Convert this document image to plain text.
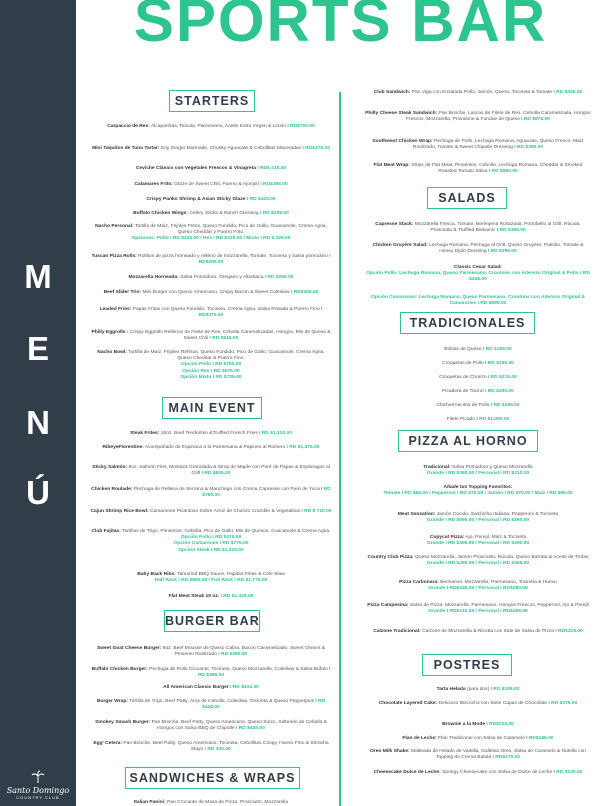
M
E
N
Ú
Santo Domingo
COUNTRY CLUB
SPORTS BAR
STARTERS
MAIN EVENT
BURGER BAR
SANDWICHES & WRAPS
SALADS
TRADICIONALES
PIZZA AL HORNO
POSTRES
Carpaccio de Res: Alcaparritas, Rúcula, Parmesano, Aceite Extra Virgen & Limón I RD$700.00
Mini Taquitos de Tuna Tartar: Soy Ginger Marinade, Chunky Aguacate & Cebollitas Maceradas I RD$375.00
Ceviche Clásico con Vegetales Frescos & Vinagreta I RD$ 415.00
Calamares Frito: Glaze de Sweet Chili, Puerro & Ajonjolí I RD$295.00
Crispy Panko Shrimp & Asian Sticky Glaze I RD $425.00
Buffalo Chicken Wings: Celery Sticks & Ranch Dressing I RD $295.00
Nacho Personal: Tortilla de Maíz, Frijoles Fritos, Queso Fundido, Pico de Gallo, Guacamole, Crema Agria, Queso Cheddar y Puerro Frito.
Opciones: Pollo I RD $325.00 / Res I RD $325.00 / Mixto I RD $ 325.00
Tuscan Pizza Rolls: Rollitos de pizza horneado y relleno de mozzarella, Tomate, Tocineta y Salsa pomodoro I RD$295.00
Mozzarella Horneada: Salsa Pomodoro, Orégano y Albahaca I RD $260.00
Beef Slider Trio: Mini Burger con Queso Americano, Crispy Bacon & Sweet Coleslaw I RD$365.00
Leaded Fries: Papas Fritas con Queso Fundido, Tocineta, Crema Agria, Salsa Rosada & Puerro Fino I RD$375.00
Philly Eggrolls : Crispy Eggrolls Rellenos de Filete de Res, Cebolla Caramelizadas, Hongos, Mix de Queso & Sweet Chili I RD $515.00
Nacho Bowl: Tortilla de Maíz, Frijoles Refritos, Queso Fundido, Pico de Gallo, Guacamole, Crema Agria, Queso Cheddar & Puerro Fino.
Opción Pollo I RD $750.00
Opción Res I RD $675.00
Opción Mixto I RD $725.00
Steak Frites: 10oz. Beef Tenderloin &Truffled French Fries I RD $1,120.00
RibeyeFlorentine: Acompañado de Espinaca a la Parmesana & Papines al Romero I RD $1,375.00
Sticky Salmón: 8oz. Salmón Filet, Mostaza Granulada & Sirop de Maple con Puré de Papas & Espárragos al Grill I RD $825.00
Chicken Roulade: Pechuga de Rellena de Serrano & Manchego con Crema Capresse con Puré de Yuca I RD $760.00
Cajun Shrimp Rice Bowl: Camarones Picantoso Sobre Arroz de Chorizo Crumble & Vegetalitos I RD $ 710.00
Club Fajitas: Tortillas de Trigo, Pimientos, Cebolla, Pico de Gallo, Mix de Quesos, Guacamole & Crema Agria.
Opción Pollo I RD $475.00
Opción Camarones I RD $775.00
Opción Steak I RD $1,320.00
Baby Back Ribs: Tamarind BBQ Sauce, Papitas Fritas & Cole Slaw
Half Rack I RD $850.00 / Full Rack I RD $1,775.00
Flat Meat Steak 10 oz. I RD $1,325.00
Sweet Goat Cheese Burger: 8oz. Beef Mousse de Queso Cabra, Bacon Caramelizado, Sweet Onions & Pimiento Rostizado I RD $490.00
Buffalo Chicken Burger: Pechuga de Pollo Crocante, Tocineta, Queso Mozzarella, Coleslaw & Salsa Búfalo I RD $395.00
All American Classic Burger I RD $415.00
Burger Wrap: Tortilla de Trigo, Beef Patty, Aros de Cebolla, Coleslaw, Tocineta & Queso Pepperjack I RD $420.00
Smokey Smash Burger: Pan Brioche, Beef Patty, Queso Americano, Queso Suizo, Salteado de Cebolla & Hongos con Salsa BBQ de Chipotle I RD $425.00
Egg' Cetera: Pan Brioche, Beef Patty, Queso Americano, Tocineta, Cebollitas Crispy, Huevo Frito & Sriracha Mayo I RD 340.00
Italian Panini: Pan Crocante de Masa de Pizza, Prosciutto, Mozzarella
Club Sandwich: Pan Viga con Ensalada Pollo, Jamón, Queso, Tocineta & Tomate I RD $345.00
Philly Cheese Steak Sandwich: Pan Brioche, Lascas de Filete de Res, Cebolla Caramelizada, Hongos Frescos, Mozzarella, Provolone & Fondue de Queso I RD $875.00
Southwest Chicken Wrap: Pechuga de Pollo, Lechuga Romana, Aguacate, Queso Fresco, Maíz Rostizado, Tomate & Sweet Chipotle Dressing I RD $395.00
Flat Meat Wrap: Strips de Flat Meat, Pimientos, Cebolla, Lechuga Romana, Cheddar & Smoked Roasted Tomato Salsa I RD $650.00
Capresse Stack: Mozzarella Fresca, Tomate, Berenjena Rostizada, Portobello al Grill, Rúcula, Prosciutto & Truffled Balsamic I RD $395.00
Chicken Gruyère Salad: Lechuga Romana, Pechuga al Grill, Queso Gruyère, Palmito, Tomate & Honey Dijón Dressing I RD $395.00
Classic Cesar Salad:
Opción Pollo: Lechuga Romana, Queso Parmesano, Croutons con Aderezo Original & Pollo I RD $445.00

Opción Camarones: Lechuga Romana, Queso Parmesano, Croutons con Aderezo Original & Camarones I RD $595.00
Bolitas de Queso I RD $195.00
Croquetas de Pollo I RD $195.00
Croquetas de Chorizo I RD $215.00
Picadera de Tocino I RD $490.00
Chicharroncitos de Pollo I RD $295.00
Filete Picado I RD $1,090.00
Tradicional: Salsa Pomodoro y Queso Mozzarella
Grande I RD $380.00 / Personal I RD $210.00
Añade tus Topping Favoritos:
Tomate I RD $65.00 / Pepperoni I RD $70.00 / Jamón I RD $70.00 / Maíz I RD $95.00
Meat Sensation: Jamón Cocido, Salchicha Italiana, Pepperoni & Tocineta
Grande I RD $595.00 / Personal I RD $390.00
Copycat Pizza: Ajo, Perejil, Maíz & Tocineta
Grande I RD $495.00 / Personal I RD $290.00
Country Club Pizza: Queso Mozzarella, Jamón Prosciutto, Rúcula, Queso Burrata & Aceite de Trufas
Grande I RD $495.00 / Personal I RD $395.00
Pizza Carbonara: Bechamel, Mozzarella, Parmesano, Tocineta & Huevo
Grande I RD$435.00 / Personal I RD$280.00
Pizza Campesina: Salsa de Pizza, Mozzarella, Parmesano, Hongos Frescos, Pepperoni, Ajo & Perejil
Grande I RD$410.00 / Personal I RD$195.00
Calzone Tradicional: Calzone de Mozzarella & Ricotta con Side de Salsa de Pizza I RD$315.00
Tarta Helada (para dos) I RD $185.00
Chocolate Layered Cake: Delicioso Bizcocho con Siete Capas de Chocolate I RD $375.00
Brownie a la Mode I RD$225.00
Flan de Leche: Flan Tradicional con Salsa de Caramelo I RD$165.00
Oreo Milk Shake: Malteada de Helado de Vainilla, Galletas Oreo, Salsa de Caramelo & Nutella con Topping de Crema Batida I RD$275.00
Cheesecake Dulce de Leche: Spongy Cheesecake con Salsa de Dulce de Leche I RD $130.00
